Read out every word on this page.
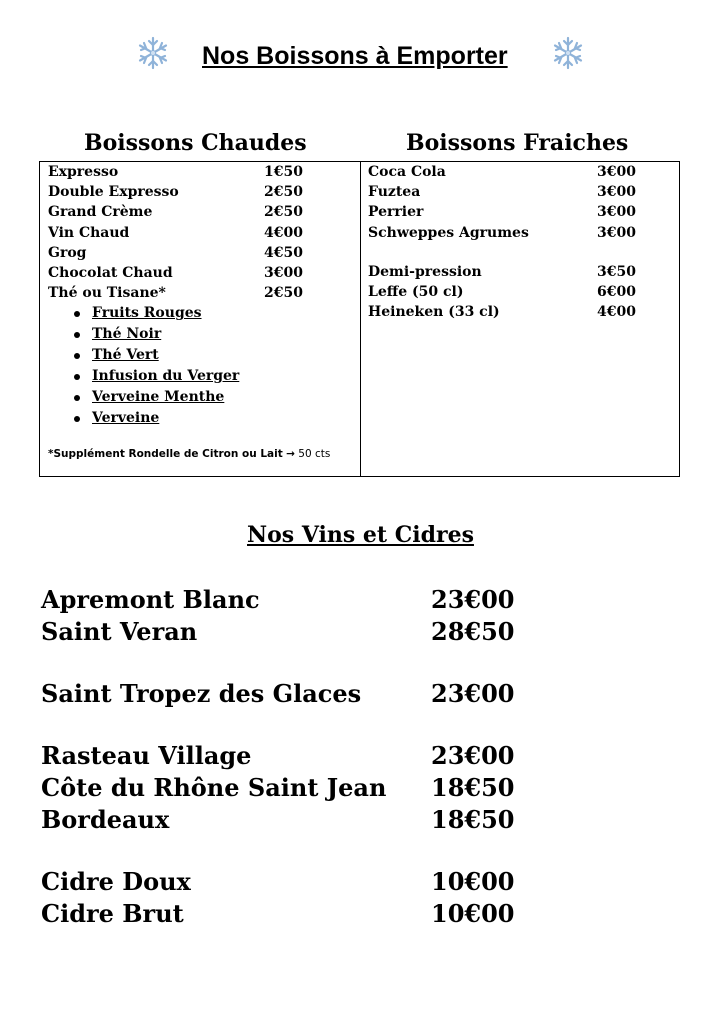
Nos Boissons à Emporter
Boissons Chaudes	Boissons Fraiches
Expresso	1€50
Double Expresso	2€50
Grand Crème	2€50
Vin Chaud	4€00
Grog	4€50
Chocolat Chaud	3€00
Thé ou Tisane*	2€50
Fruits Rouges
Thé Noir
Thé Vert
Infusion du Verger
Verveine Menthe
Verveine
*Supplément Rondelle de Citron ou Lait → 50 cts
Coca Cola	3€00
Fuztea	3€00
Perrier	3€00
Schweppes Agrumes	3€00
Demi-pression	3€50
Leffe (50 cl)	6€00
Heineken (33 cl)	4€00
Nos Vins et Cidres
Apremont Blanc	23€00
Saint Veran	28€50
Saint Tropez des Glaces	23€00
Rasteau Village	23€00
Côte du Rhône Saint Jean 18€50
Bordeaux	18€50
Cidre Doux	10€00
Cidre Brut	10€00
